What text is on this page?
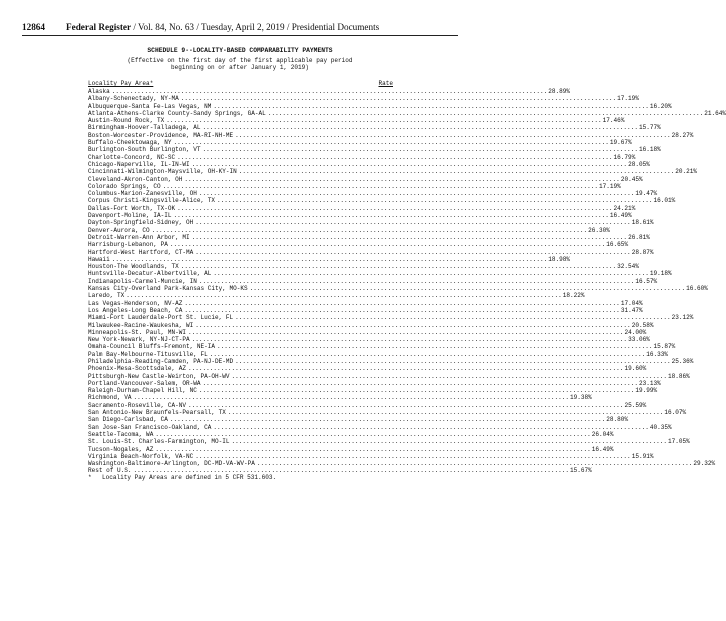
12864 Federal Register / Vol. 84, No. 63 / Tuesday, April 2, 2019 / Presidential Documents
SCHEDULE 9--LOCALITY-BASED COMPARABILITY PAYMENTS
(Effective on the first day of the first applicable pay period
beginning on or after January 1, 2019)
Locality Pay Area*	Rate
Alaska ........................................................................................................................ 28.89%
Albany-Schenectady, NY-MA ........................................................................................................................ 17.19%
Albuquerque-Santa Fe-Las Vegas, NM ........................................................................................................................ 16.20%
Atlanta-Athens-Clarke County-Sandy Springs, GA-AL ........................................................................................................................ 21.64%
Austin-Round Rock, TX ........................................................................................................................ 17.46%
Birmingham-Hoover-Talladega, AL ........................................................................................................................ 15.77%
Boston-Worcester-Providence, MA-RI-NH-ME ........................................................................................................................ 28.27%
Buffalo-Cheektowaga, NY ........................................................................................................................ 19.67%
Burlington-South Burlington, VT ........................................................................................................................ 16.18%
Charlotte-Concord, NC-SC ........................................................................................................................ 16.79%
Chicago-Naperville, IL-IN-WI ........................................................................................................................ 28.05%
Cincinnati-Wilmington-Maysville, OH-KY-IN ........................................................................................................................ 20.21%
Cleveland-Akron-Canton, OH ........................................................................................................................ 20.45%
Colorado Springs, CO ........................................................................................................................ 17.19%
Columbus-Marion-Zanesville, OH ........................................................................................................................ 19.47%
Corpus Christi-Kingsville-Alice, TX ........................................................................................................................ 16.01%
Dallas-Fort Worth, TX-OK ........................................................................................................................ 24.21%
Davenport-Moline, IA-IL ........................................................................................................................ 16.49%
Dayton-Springfield-Sidney, OH ........................................................................................................................ 18.61%
Denver-Aurora, CO ........................................................................................................................ 26.30%
Detroit-Warren-Ann Arbor, MI ........................................................................................................................ 26.81%
Harrisburg-Lebanon, PA ........................................................................................................................ 16.65%
Hartford-West Hartford, CT-MA ........................................................................................................................ 28.87%
Hawaii ........................................................................................................................ 18.98%
Houston-The Woodlands, TX ........................................................................................................................ 32.54%
Huntsville-Decatur-Albertville, AL ........................................................................................................................ 19.18%
Indianapolis-Carmel-Muncie, IN ........................................................................................................................ 16.57%
Kansas City-Overland Park-Kansas City, MO-KS ........................................................................................................................ 16.60%
Laredo, TX ........................................................................................................................ 18.22%
Las Vegas-Henderson, NV-AZ ........................................................................................................................ 17.04%
Los Angeles-Long Beach, CA ........................................................................................................................ 31.47%
Miami-Fort Lauderdale-Port St. Lucie, FL ........................................................................................................................ 23.12%
Milwaukee-Racine-Waukesha, WI ........................................................................................................................ 20.58%
Minneapolis-St. Paul, MN-WI ........................................................................................................................ 24.00%
New York-Newark, NY-NJ-CT-PA ........................................................................................................................ 33.06%
Omaha-Council Bluffs-Fremont, NE-IA ........................................................................................................................ 15.87%
Palm Bay-Melbourne-Titusville, FL ........................................................................................................................ 16.33%
Philadelphia-Reading-Camden, PA-NJ-DE-MD ........................................................................................................................ 25.36%
Phoenix-Mesa-Scottsdale, AZ ........................................................................................................................ 19.60%
Pittsburgh-New Castle-Weirton, PA-OH-WV ........................................................................................................................ 18.86%
Portland-Vancouver-Salem, OR-WA ........................................................................................................................ 23.13%
Raleigh-Durham-Chapel Hill, NC ........................................................................................................................ 19.99%
Richmond, VA ........................................................................................................................ 19.38%
Sacramento-Roseville, CA-NV ........................................................................................................................ 25.59%
San Antonio-New Braunfels-Pearsall, TX ........................................................................................................................ 16.07%
San Diego-Carlsbad, CA ........................................................................................................................ 28.80%
San Jose-San Francisco-Oakland, CA ........................................................................................................................ 40.35%
Seattle-Tacoma, WA ........................................................................................................................ 26.04%
St. Louis-St. Charles-Farmington, MO-IL ........................................................................................................................ 17.05%
Tucson-Nogales, AZ ........................................................................................................................ 16.49%
Virginia Beach-Norfolk, VA-NC ........................................................................................................................ 15.91%
Washington-Baltimore-Arlington, DC-MD-VA-WV-PA ........................................................................................................................ 29.32%
Rest of U.S. ........................................................................................................................ 15.67%
* Locality Pay Areas are defined in 5 CFR 531.603.
